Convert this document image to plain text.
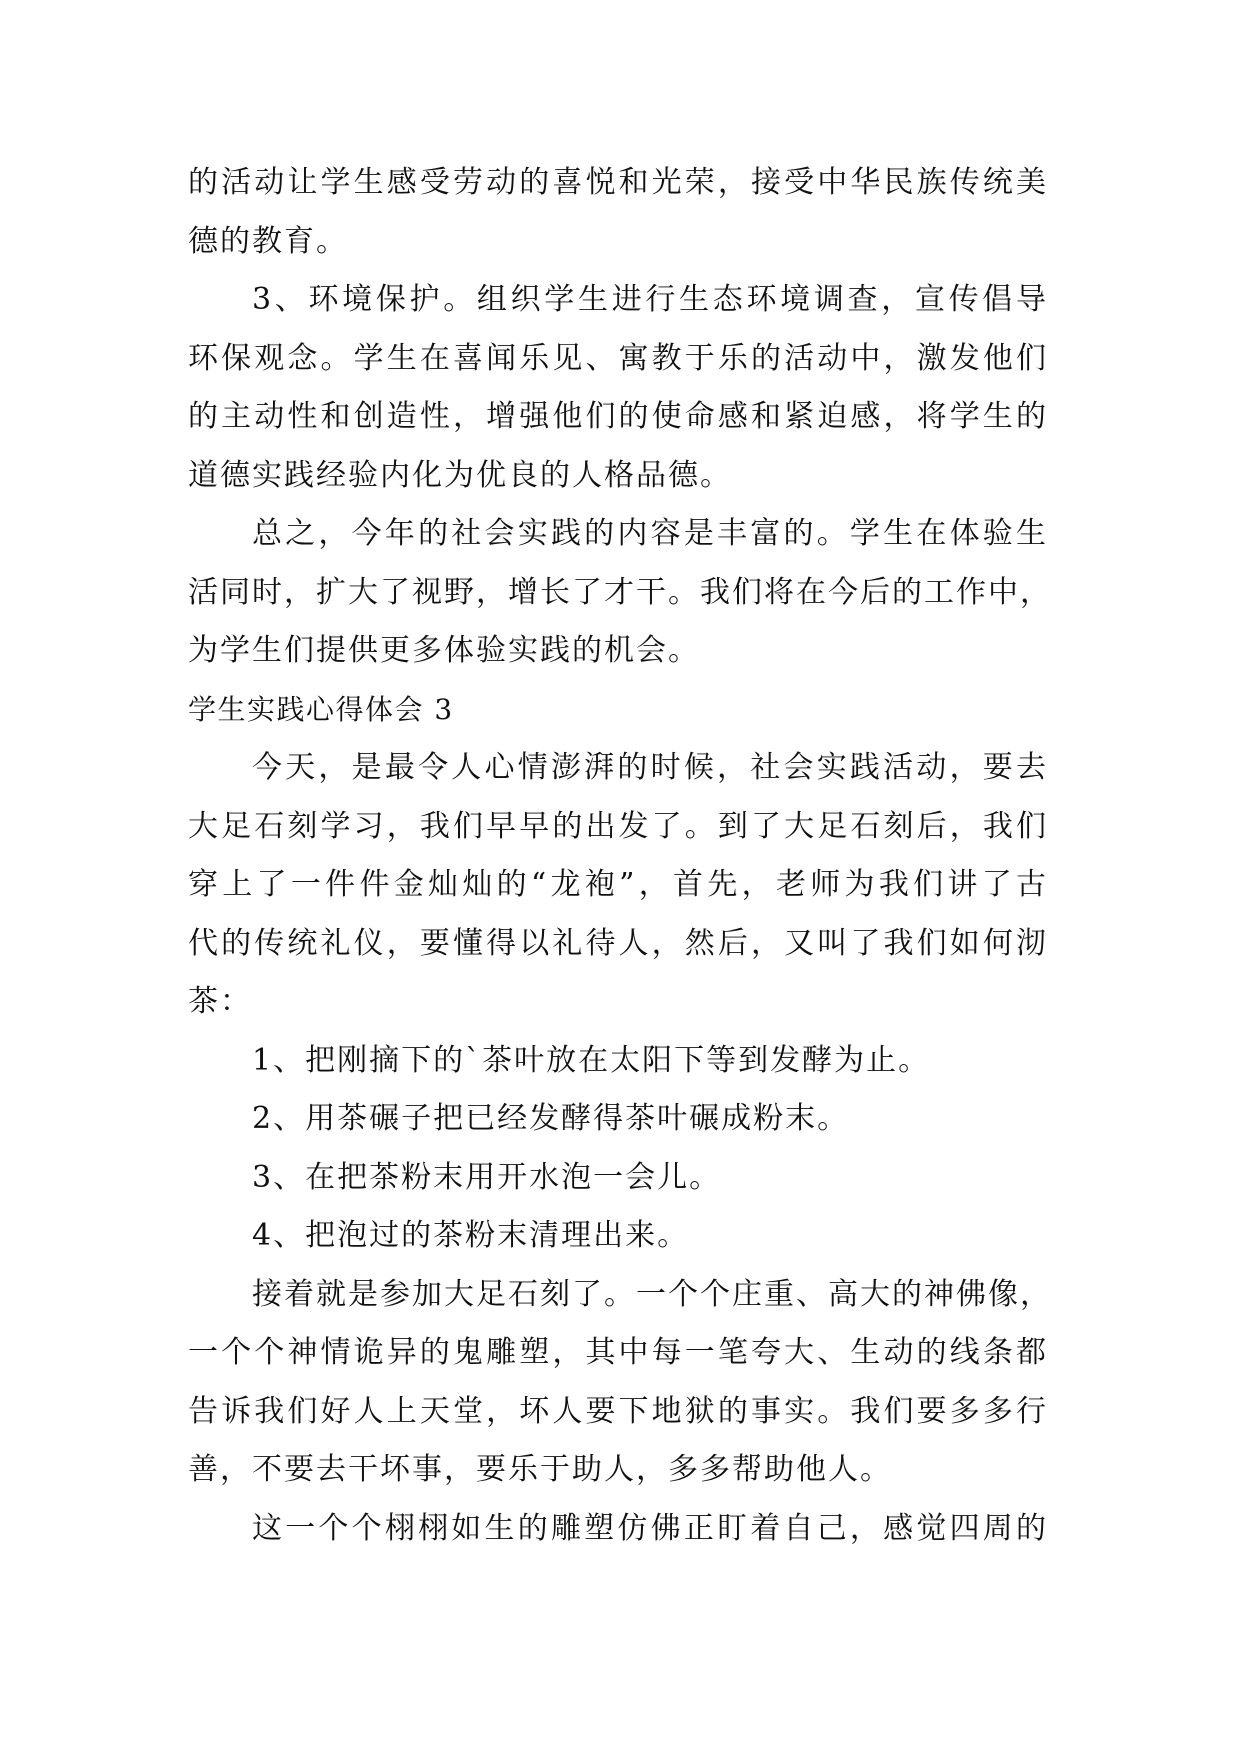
的活动让学生感受劳动的喜悦和光荣，接受中华民族传统美
德的教育。
3、环境保护。组织学生进行生态环境调查，宣传倡导
环保观念。学生在喜闻乐见、寓教于乐的活动中，激发他们
的主动性和创造性，增强他们的使命感和紧迫感，将学生的
道德实践经验内化为优良的人格品德。
总之，今年的社会实践的内容是丰富的。学生在体验生
活同时，扩大了视野，增长了才干。我们将在今后的工作中，
为学生们提供更多体验实践的机会。
学生实践心得体会 3
今天，是最令人心情澎湃的时候，社会实践活动，要去
大足石刻学习，我们早早的出发了。到了大足石刻后，我们
穿上了一件件金灿灿的“龙袍”，首先，老师为我们讲了古
代的传统礼仪，要懂得以礼待人，然后，又叫了我们如何沏
茶：
1、把刚摘下的`茶叶放在太阳下等到发酵为止。
2、用茶碾子把已经发酵得茶叶碾成粉末。
3、在把茶粉末用开水泡一会儿。
4、把泡过的茶粉末清理出来。
接着就是参加大足石刻了。一个个庄重、高大的神佛像，
一个个神情诡异的鬼雕塑，其中每一笔夸大、生动的线条都
告诉我们好人上天堂，坏人要下地狱的事实。我们要多多行
善，不要去干坏事，要乐于助人，多多帮助他人。
这一个个栩栩如生的雕塑仿佛正盯着自己，感觉四周的
